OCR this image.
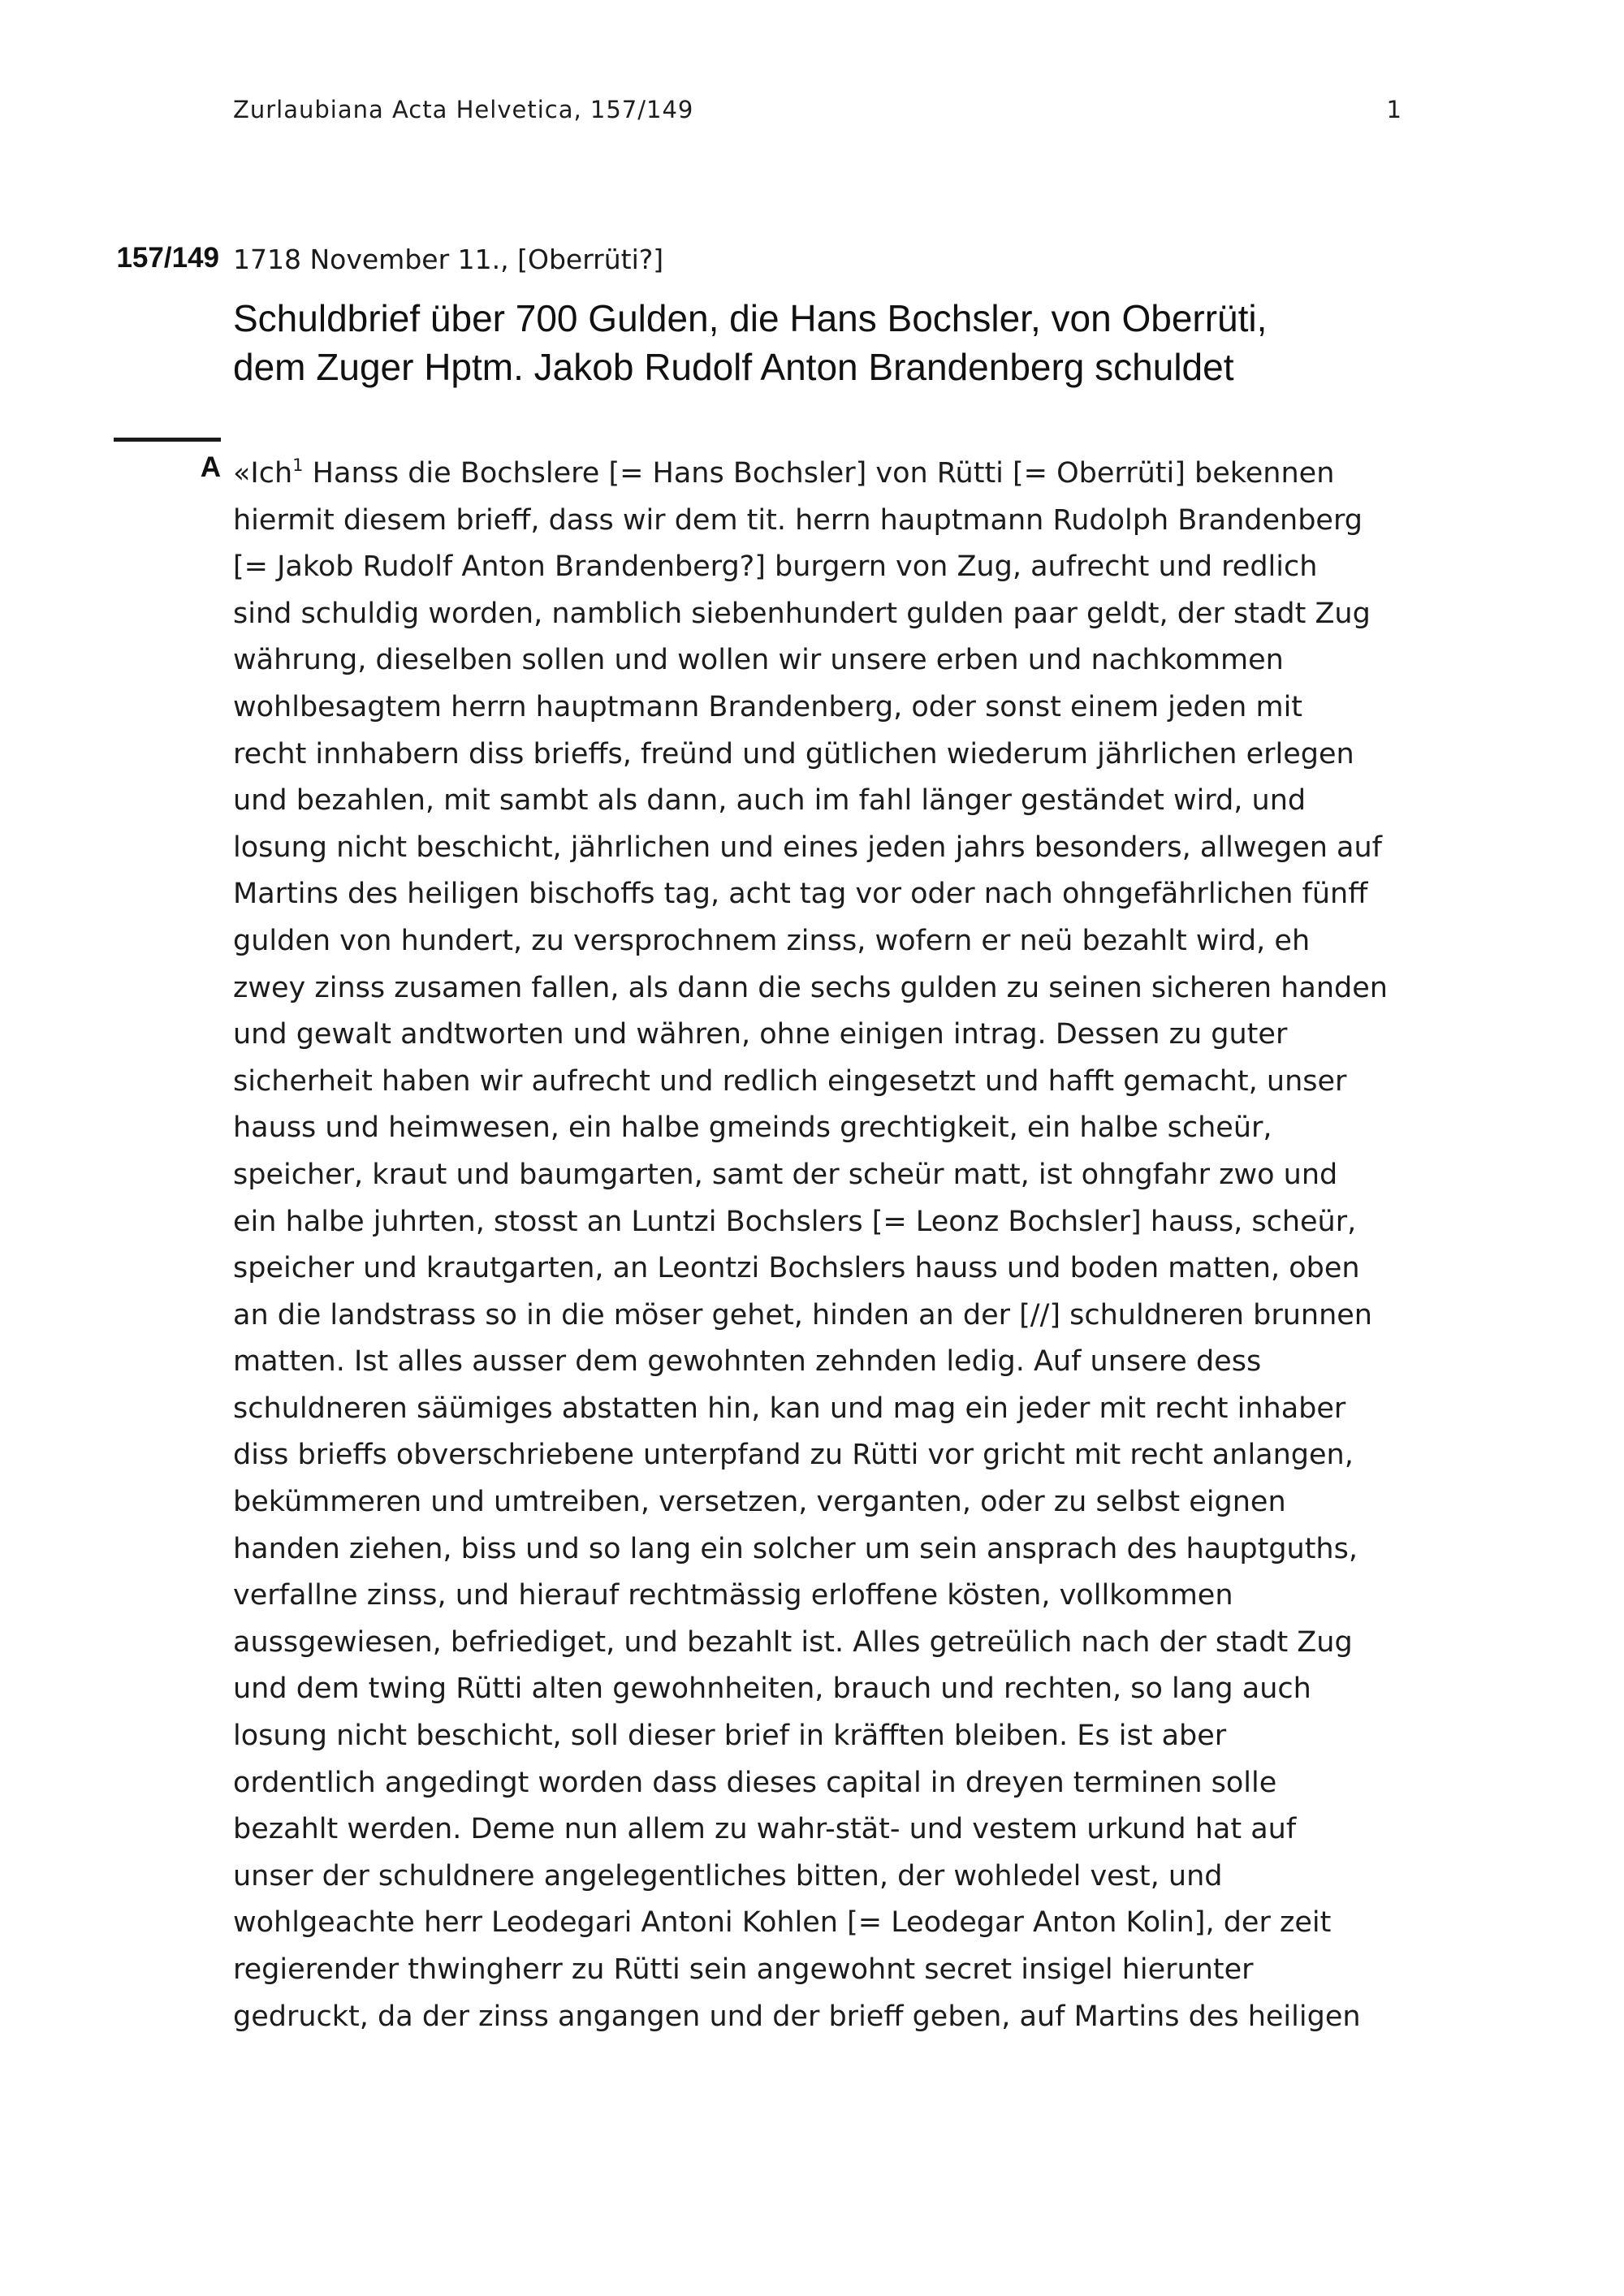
Zurlaubiana Acta Helvetica, 157/149	1
157/149 1718 November 11., [Oberrüti?]
Schuldbrief über 700 Gulden, die Hans Bochsler, von Oberrüti,
dem Zuger Hptm. Jakob Rudolf Anton Brandenberg schuldet
A «Ich$^1$ Hanss die Bochslere [= Hans Bochsler] von Rütti [= Oberrüti] bekennen
hiermit diesem brieff, dass wir dem tit. herrn hauptmann Rudolph Brandenberg
[= Jakob Rudolf Anton Brandenberg?] burgern von Zug, aufrecht und redlich
sind schuldig worden, namblich siebenhundert gulden paar geldt, der stadt Zug
währung, dieselben sollen und wollen wir unsere erben und nachkommen
wohlbesagtem herrn hauptmann Brandenberg, oder sonst einem jeden mit
recht innhabern diss brieffs, freünd und gütlichen wiederum jährlichen erlegen
und bezahlen, mit sambt als dann, auch im fahl länger geständet wird, und
losung nicht beschicht, jährlichen und eines jeden jahrs besonders, allwegen auf
Martins des heiligen bischoffs tag, acht tag vor oder nach ohngefährlichen fünff
gulden von hundert, zu versprochnem zinss, wofern er neü bezahlt wird, eh
zwey zinss zusamen fallen, als dann die sechs gulden zu seinen sicheren handen
und gewalt andtworten und währen, ohne einigen intrag. Dessen zu guter
sicherheit haben wir aufrecht und redlich eingesetzt und hafft gemacht, unser
hauss und heimwesen, ein halbe gmeinds grechtigkeit, ein halbe scheür,
speicher, kraut und baumgarten, samt der scheür matt, ist ohngfahr zwo und
ein halbe juhrten, stosst an Luntzi Bochslers [= Leonz Bochsler] hauss, scheür,
speicher und krautgarten, an Leontzi Bochslers hauss und boden matten, oben
an die landstrass so in die möser gehet, hinden an der [//] schuldneren brunnen
matten. Ist alles ausser dem gewohnten zehnden ledig. Auf unsere dess
schuldneren säümiges abstatten hin, kan und mag ein jeder mit recht inhaber
diss brieffs obverschriebene unterpfand zu Rütti vor gricht mit recht anlangen,
bekümmeren und umtreiben, versetzen, verganten, oder zu selbst eignen
handen ziehen, biss und so lang ein solcher um sein ansprach des hauptguths,
verfallne zinss, und hierauf rechtmässig erloffene kösten, vollkommen
aussgewiesen, befriediget, und bezahlt ist. Alles getreülich nach der stadt Zug
und dem twing Rütti alten gewohnheiten, brauch und rechten, so lang auch
losung nicht beschicht, soll dieser brief in kräfften bleiben. Es ist aber
ordentlich angedingt worden dass dieses capital in dreyen terminen solle
bezahlt werden. Deme nun allem zu wahr-stät- und vestem urkund hat auf
unser der schuldnere angelegentliches bitten, der wohledel vest, und
wohlgeachte herr Leodegari Antoni Kohlen [= Leodegar Anton Kolin], der zeit
regierender thwingherr zu Rütti sein angewohnt secret insigel hierunter
gedruckt, da der zinss angangen und der brieff geben, auf Martins des heiligen
